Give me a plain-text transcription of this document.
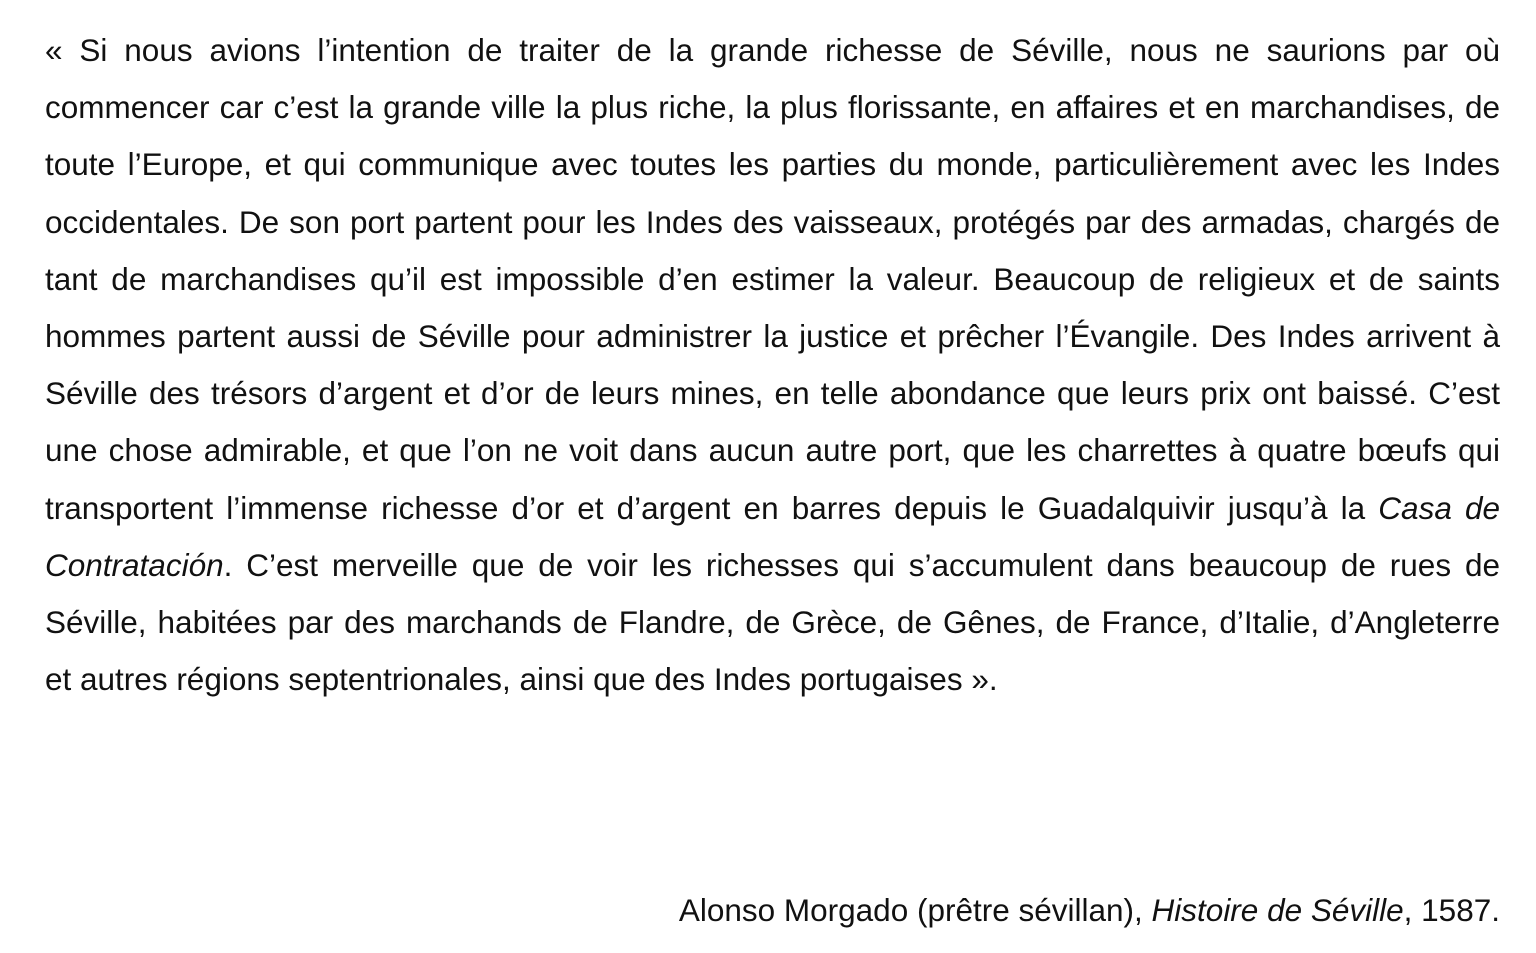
« Si nous avions l’intention de traiter de la grande richesse de Séville, nous ne saurions par où commencer car c’est la grande ville la plus riche, la plus florissante, en affaires et en marchandises, de toute l’Europe, et qui communique avec toutes les parties du monde, particulièrement avec les Indes occidentales. De son port partent pour les Indes des vaisseaux, protégés par des armadas, chargés de tant de marchandises qu’il est impossible d’en estimer la valeur. Beaucoup de religieux et de saints hommes partent aussi de Séville pour administrer la justice et prêcher l’Évangile. Des Indes arrivent à Séville des trésors d’argent et d’or de leurs mines, en telle abondance que leurs prix ont baissé. C’est une chose admirable, et que l’on ne voit dans aucun autre port, que les charrettes à quatre bœufs qui transportent l’immense richesse d’or et d’argent en barres depuis le Guadalquivir jusqu’à la Casa de Contratación. C’est merveille que de voir les richesses qui s’accumulent dans beaucoup de rues de Séville, habitées par des marchands de Flandre, de Grèce, de Gênes, de France, d’Italie, d’Angleterre et autres régions septentrionales, ainsi que des Indes portugaises ».

Alonso Morgado (prêtre sévillan), Histoire de Séville, 1587.
